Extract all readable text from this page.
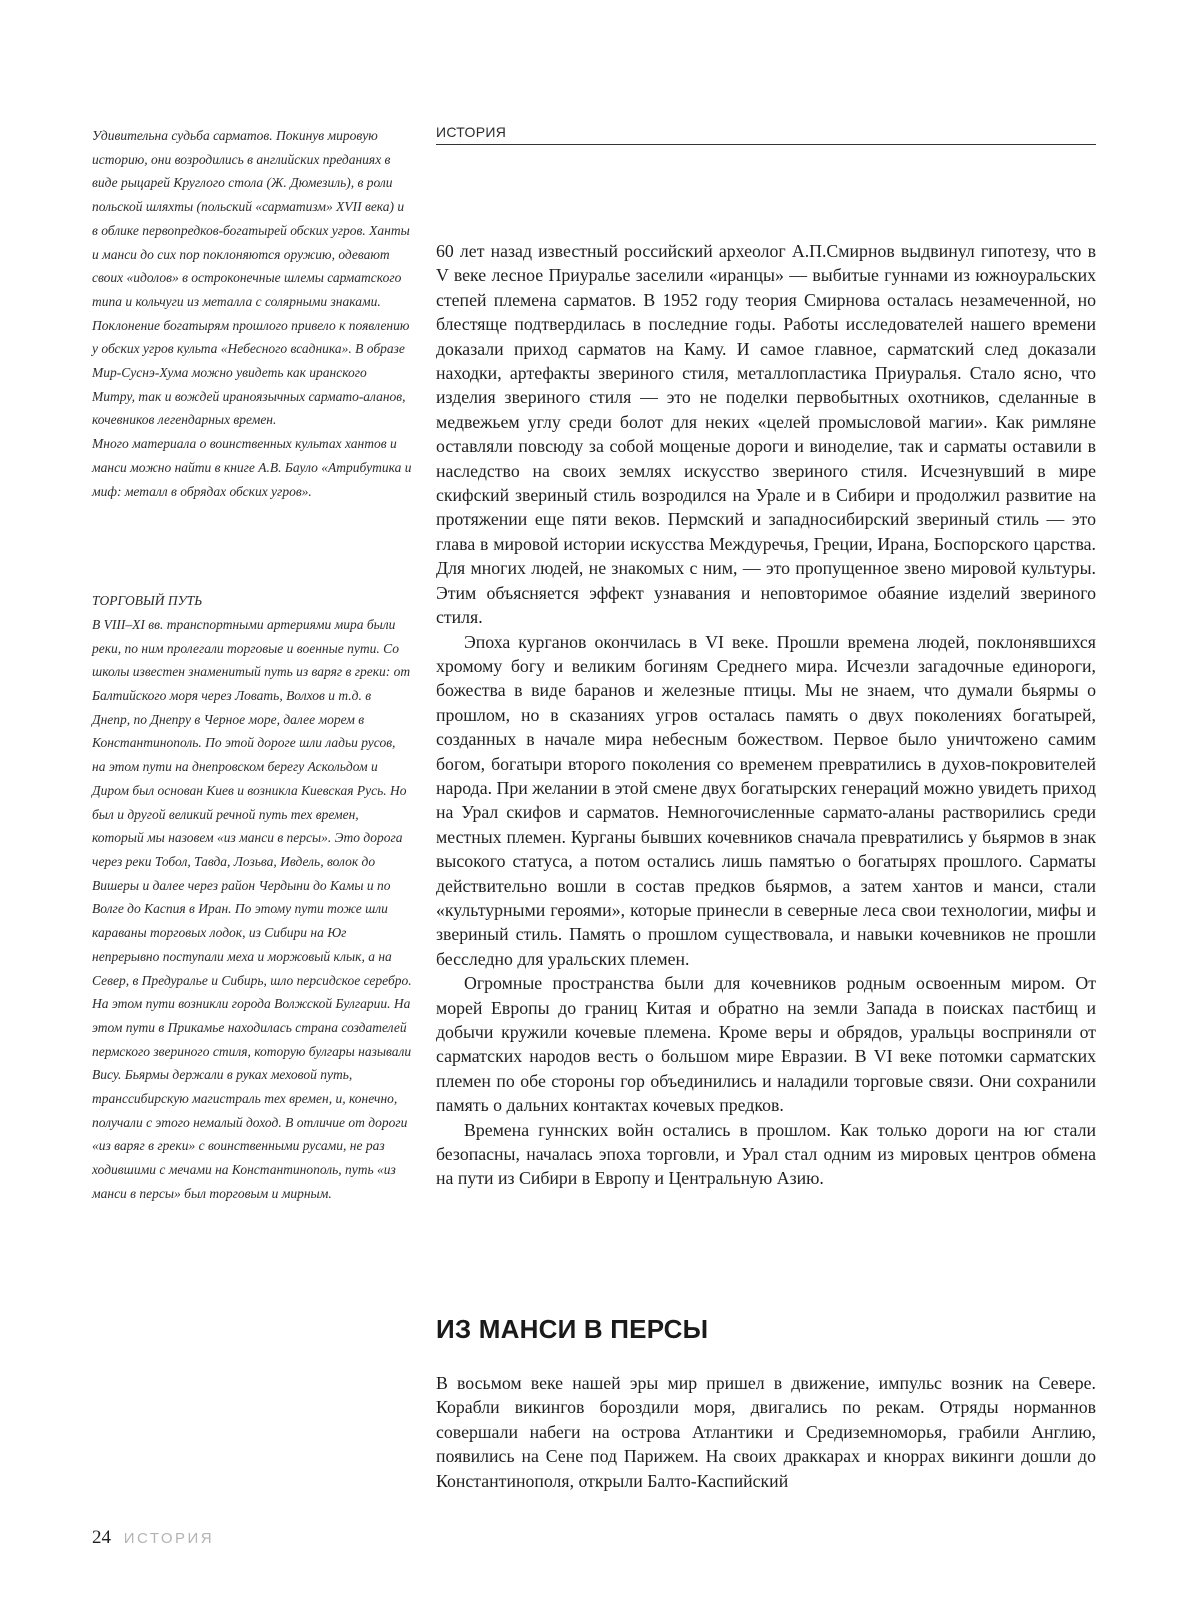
Удивительна судьба сарматов. Покинув мировую историю, они возродились в английских преданиях в виде рыцарей Круглого стола (Ж. Дюмезиль), в роли польской шляхты (польский «сарматизм» XVII века) и в облике первопредков-богатырей обских угров. Ханты и манси до сих пор поклоняются оружию, одевают своих «идолов» в остроконечные шлемы сарматского типа и кольчуги из металла с солярными знаками. Поклонение богатырям прошлого привело к появлению у обских угров культа «Небесного всадника». В образе Мир-Суснэ-Хума можно увидеть как иранского Митру, так и вождей ираноязычных сармато-аланов, кочевников легендарных времен.

Много материала о воинственных культах хантов и манси можно найти в книге А.В. Бауло «Атрибутика и миф: металл в обрядах обских угров».

ТОРГОВЫЙ ПУТЬ

В VIII–XI вв. транспортными артериями мира были реки, по ним пролегали торговые и военные пути. Со школы известен знаменитый путь из варяг в греки: от Балтийского моря через Ловать, Волхов и т.д. в Днепр, по Днепру в Черное море, далее морем в Константинополь. По этой дороге шли ладьи русов, на этом пути на днепровском берегу Аскольдом и Диром был основан Киев и возникла Киевская Русь. Но был и другой великий речной путь тех времен, который мы назовем «из манси в персы». Это дорога через реки Тобол, Тавда, Лозьва, Ивдель, волок до Вишеры и далее через район Чердыни до Камы и по Волге до Каспия в Иран. По этому пути тоже шли караваны торговых лодок, из Сибири на Юг непрерывно поступали меха и моржовый клык, а на Север, в Предуралье и Сибирь, шло персидское серебро. На этом пути возникли города Волжской Булгарии. На этом пути в Прикамье находилась страна создателей пермского звериного стиля, которую булгары называли Вису. Бьярмы держали в руках меховой путь, транссибирскую магистраль тех времен, и, конечно, получали с этого немалый доход. В отличие от дороги «из варяг в греки» с воинственными русами, не раз ходившими с мечами на Константинополь, путь «из манси в персы» был торговым и мирным.

ИСТОРИЯ

60 лет назад известный российский археолог А.П.Смирнов выдвинул гипотезу, что в V веке лесное Приуралье заселили «иранцы» — выбитые гуннами из южноуральских степей племена сарматов. В 1952 году теория Смирнова осталась незамеченной, но блестяще подтвердилась в последние годы. Работы исследователей нашего времени доказали приход сарматов на Каму. И самое главное, сарматский след доказали находки, артефакты звериного стиля, металлопластика Приуралья. Стало ясно, что изделия звериного стиля — это не поделки первобытных охотников, сделанные в медвежьем углу среди болот для неких «целей промысловой магии». Как римляне оставляли повсюду за собой мощеные дороги и виноделие, так и сарматы оставили в наследство на своих землях искусство звериного стиля. Исчезнувший в мире скифский звериный стиль возродился на Урале и в Сибири и продолжил развитие на протяжении еще пяти веков. Пермский и западносибирский звериный стиль — это глава в мировой истории искусства Междуречья, Греции, Ирана, Боспорского царства. Для многих людей, не знакомых с ним, — это пропущенное звено мировой культуры. Этим объясняется эффект узнавания и неповторимое обаяние изделий звериного стиля.

Эпоха курганов окончилась в VI веке. Прошли времена людей, поклонявшихся хромому богу и великим богиням Среднего мира. Исчезли загадочные единороги, божества в виде баранов и железные птицы. Мы не знаем, что думали бьярмы о прошлом, но в сказаниях угров осталась память о двух поколениях богатырей, созданных в начале мира небесным божеством. Первое было уничтожено самим богом, богатыри второго поколения со временем превратились в духов-покровителей народа. При желании в этой смене двух богатырских генераций можно увидеть приход на Урал скифов и сарматов. Немногочисленные сармато-аланы растворились среди местных племен. Курганы бывших кочевников сначала превратились у бьярмов в знак высокого статуса, а потом остались лишь памятью о богатырях прошлого. Сарматы действительно вошли в состав предков бьярмов, а затем хантов и манси, стали «культурными героями», которые принесли в северные леса свои технологии, мифы и звериный стиль. Память о прошлом существовала, и навыки кочевников не прошли бесследно для уральских племен.

Огромные пространства были для кочевников родным освоенным миром. От морей Европы до границ Китая и обратно на земли Запада в поисках пастбищ и добычи кружили кочевые племена. Кроме веры и обрядов, уральцы восприняли от сарматских народов весть о большом мире Евразии. В VI веке потомки сарматских племен по обе стороны гор объединились и наладили торговые связи. Они сохранили память о дальних контактах кочевых предков.

Времена гуннских войн остались в прошлом. Как только дороги на юг стали безопасны, началась эпоха торговли, и Урал стал одним из мировых центров обмена на пути из Сибири в Европу и Центральную Азию.

ИЗ МАНСИ В ПЕРСЫ

В восьмом веке нашей эры мир пришел в движение, импульс возник на Севере. Корабли викингов бороздили моря, двигались по рекам. Отряды норманнов совершали набеги на острова Атлантики и Средиземноморья, грабили Англию, появились на Сене под Парижем. На своих драккарах и кноррах викинги дошли до Константинополя, открыли Балто-Каспийский

24 ИСТОРИЯ
